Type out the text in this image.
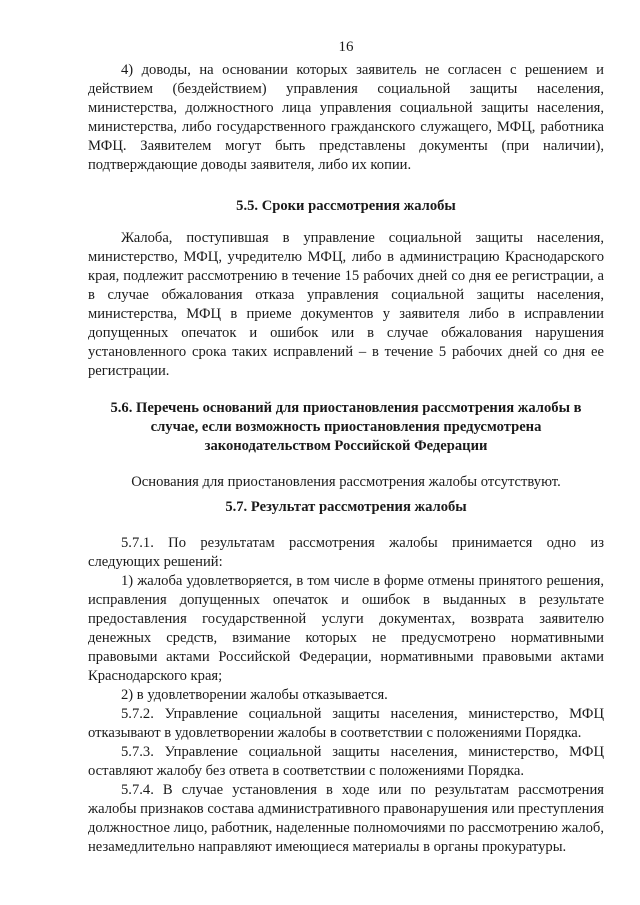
16

4) доводы, на основании которых заявитель не согласен с решением и действием (бездействием) управления социальной защиты населения, министерства, должностного лица управления социальной защиты населения, министерства, либо государственного гражданского служащего, МФЦ, работника МФЦ. Заявителем могут быть представлены документы (при наличии), подтверждающие доводы заявителя, либо их копии.

5.5. Сроки рассмотрения жалобы

Жалоба, поступившая в управление социальной защиты населения, министерство, МФЦ, учредителю МФЦ, либо в администрацию Краснодарского края, подлежит рассмотрению в течение 15 рабочих дней со дня ее регистрации, а в случае обжалования отказа управления социальной защиты населения, министерства, МФЦ в приеме документов у заявителя либо в исправлении допущенных опечаток и ошибок или в случае обжалования нарушения установленного срока таких исправлений – в течение 5 рабочих дней со дня ее регистрации.

5.6. Перечень оснований для приостановления рассмотрения жалобы в случае, если возможность приостановления предусмотрена законодательством Российской Федерации

Основания для приостановления рассмотрения жалобы отсутствуют.

5.7. Результат рассмотрения жалобы

5.7.1. По результатам рассмотрения жалобы принимается одно из следующих решений:

1) жалоба удовлетворяется, в том числе в форме отмены принятого решения, исправления допущенных опечаток и ошибок в выданных в результате предоставления государственной услуги документах, возврата заявителю денежных средств, взимание которых не предусмотрено нормативными правовыми актами Российской Федерации, нормативными правовыми актами Краснодарского края;

2) в удовлетворении жалобы отказывается.

5.7.2. Управление социальной защиты населения, министерство, МФЦ отказывают в удовлетворении жалобы в соответствии с положениями Порядка.

5.7.3. Управление социальной защиты населения, министерство, МФЦ оставляют жалобу без ответа в соответствии с положениями Порядка.

5.7.4. В случае установления в ходе или по результатам рассмотрения жалобы признаков состава административного правонарушения или преступления должностное лицо, работник, наделенные полномочиями по рассмотрению жалоб, незамедлительно направляют имеющиеся материалы в органы прокуратуры.
